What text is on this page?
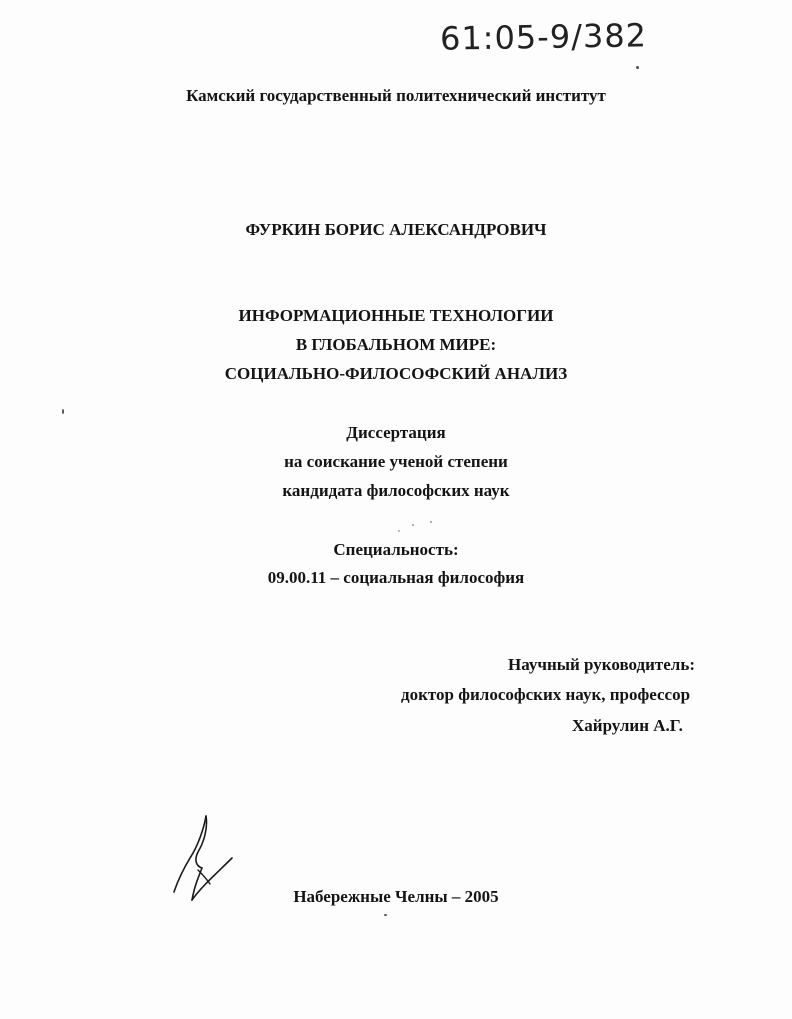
61:05-9/382
Камский государственный политехнический институт
ФУРКИН БОРИС АЛЕКСАНДРОВИЧ
ИНФОРМАЦИОННЫЕ ТЕХНОЛОГИИ
В ГЛОБАЛЬНОМ МИРЕ:
СОЦИАЛЬНО-ФИЛОСОФСКИЙ АНАЛИЗ
Диссертация
на соискание ученой степени
кандидата философских наук
Специальность:
09.00.11 – социальная философия
Научный руководитель:
доктор философских наук, профессор
Хайрулин А.Г.
Набережные Челны – 2005
